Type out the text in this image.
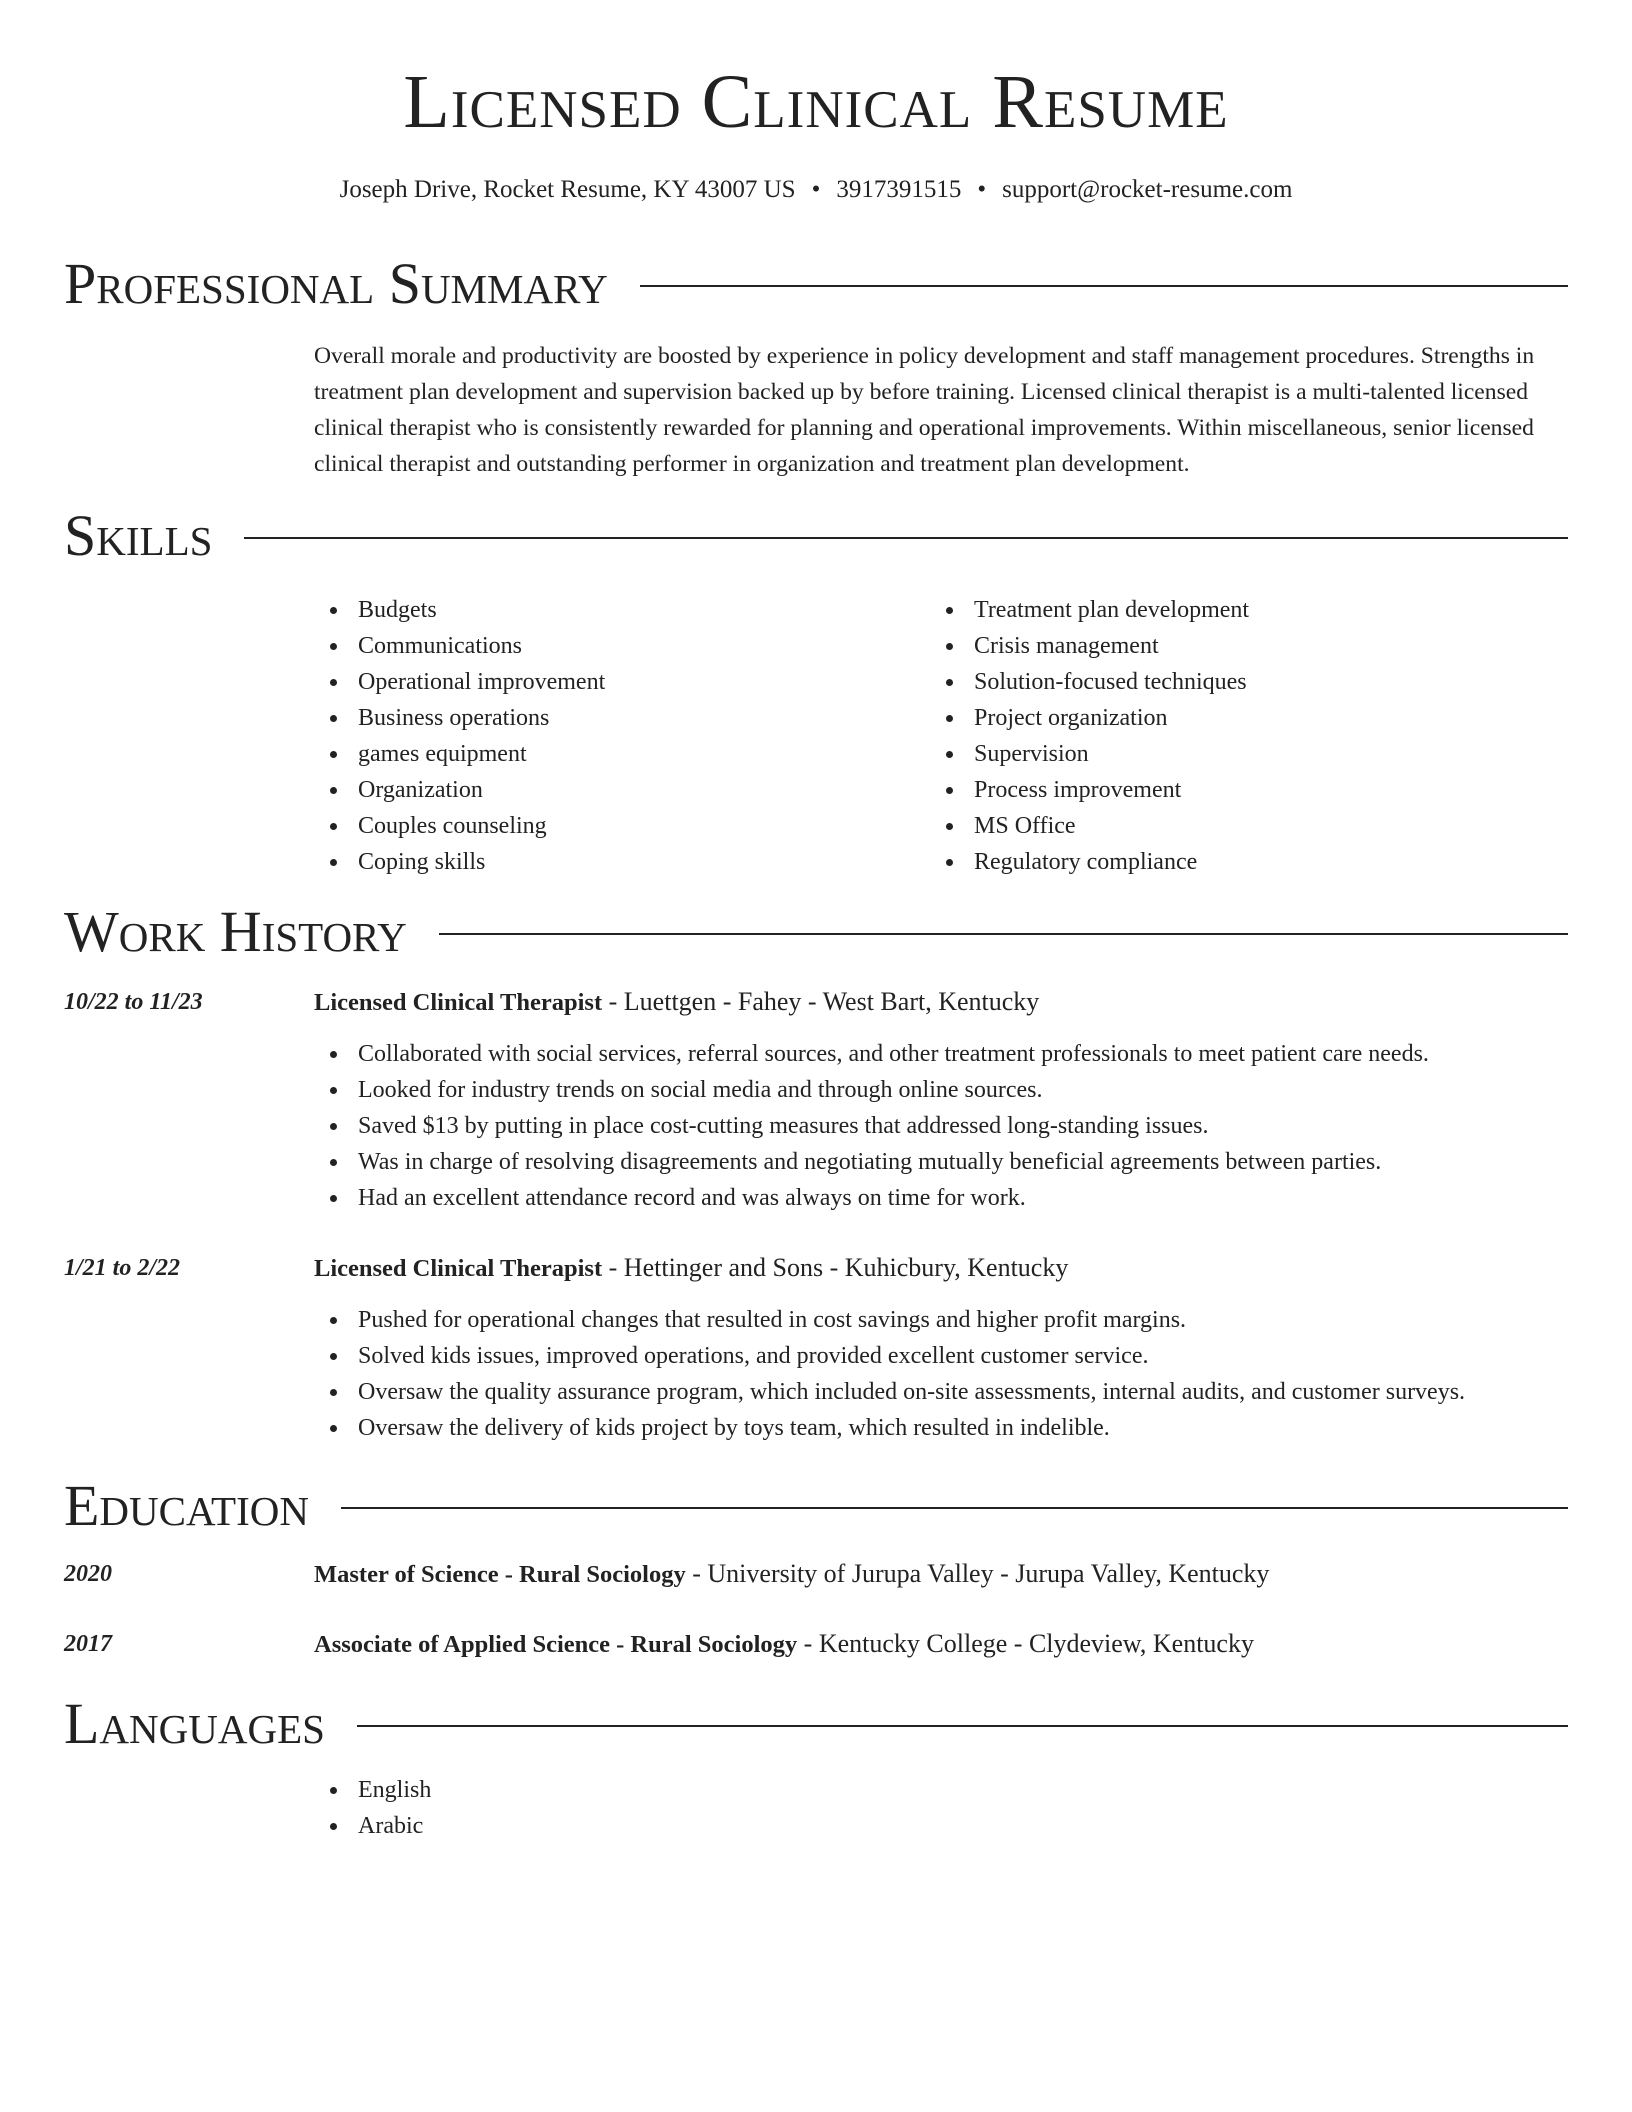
Licensed Clinical Resume
Joseph Drive, Rocket Resume, KY 43007 US • 3917391515 • support@rocket-resume.com
Professional Summary

Overall morale and productivity are boosted by experience in policy development and staff management procedures. Strengths in treatment plan development and supervision backed up by before training. Licensed clinical therapist is a multi-talented licensed clinical therapist who is consistently rewarded for planning and operational improvements. Within miscellaneous, senior licensed clinical therapist and outstanding performer in organization and treatment plan development.

Skills
Budgets
Communications
Operational improvement
Business operations
games equipment
Organization
Couples counseling
Coping skills
Treatment plan development
Crisis management
Solution-focused techniques
Project organization
Supervision
Process improvement
MS Office
Regulatory compliance
Work History
10/22 to 11/23	Licensed Clinical Therapist - Luettgen - Fahey - West Bart, Kentucky
Collaborated with social services, referral sources, and other treatment professionals to meet patient care needs.
Looked for industry trends on social media and through online sources.
Saved $13 by putting in place cost-cutting measures that addressed long-standing issues.
Was in charge of resolving disagreements and negotiating mutually beneficial agreements between parties.
Had an excellent attendance record and was always on time for work.
1/21 to 2/22	Licensed Clinical Therapist - Hettinger and Sons - Kuhicbury, Kentucky
Pushed for operational changes that resulted in cost savings and higher profit margins.
Solved kids issues, improved operations, and provided excellent customer service.
Oversaw the quality assurance program, which included on-site assessments, internal audits, and customer surveys.
Oversaw the delivery of kids project by toys team, which resulted in indelible.
Education
2020	Master of Science - Rural Sociology - University of Jurupa Valley - Jurupa Valley, Kentucky
2017	Associate of Applied Science - Rural Sociology - Kentucky College - Clydeview, Kentucky
Languages
English
Arabic
